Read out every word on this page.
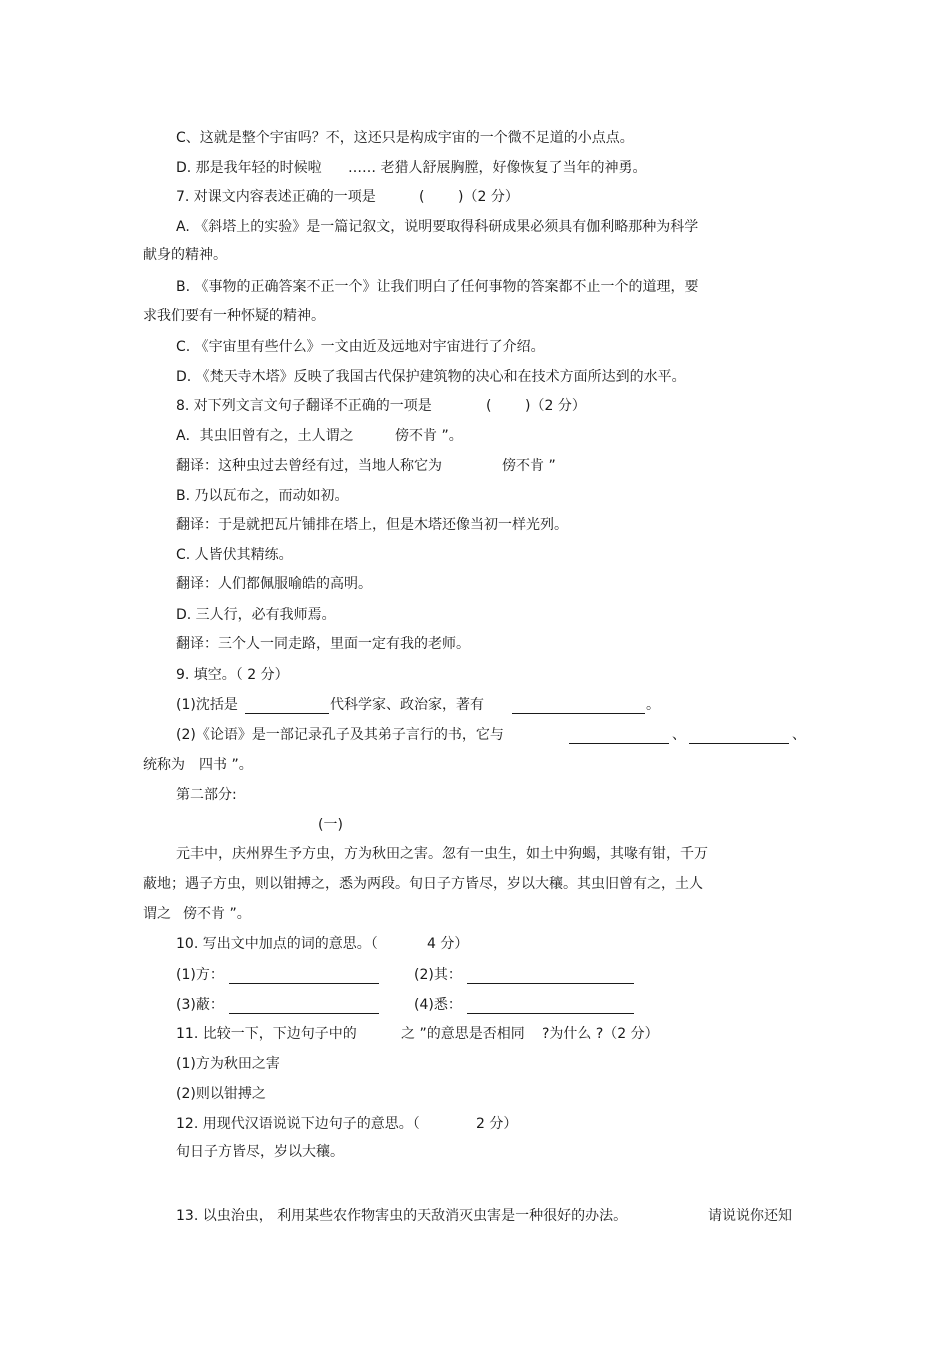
C、这就是整个宇宙吗？不，这还只是构成宇宙的一个微不足道的小点点。
D. 那是我年轻的时候啦 …… 老猎人舒展胸膛，好像恢复了当年的神勇。
7. 对课文内容表述正确的一项是	( )（2 分）
A. 《斜塔上的实验》是一篇记叙文，说明要取得科研成果必须具有伽利略那种为科学
献身的精神。
B. 《事物的正确答案不正一个》让我们明白了任何事物的答案都不止一个的道理，要
求我们要有一种怀疑的精神。
C. 《宇宙里有些什么》一文由近及远地对宇宙进行了介绍。
D. 《梵天寺木塔》反映了我国古代保护建筑物的决心和在技术方面所达到的水平。
8. 对下列文言文句子翻译不正确的一项是	( )（2 分）
A．其虫旧曾有之，土人谓之	傍不肯 ”。
翻译：这种虫过去曾经有过，当地人称它为	傍不肯 ”
B. 乃以瓦布之，而动如初。
翻译：于是就把瓦片铺排在塔上，但是木塔还像当初一样光列。
C. 人皆伏其精练。
翻译：人们都佩服喻皓的高明。
D. 三人行，必有我师焉。
翻译：三个人一同走路，里面一定有我的老师。
9. 填空。（ 2 分）
(1)沈括是	代科学家、政治家，著有	。
(2)《论语》是一部记录孔子及其弟子言行的书，它与	、	、
统称为 四书 ”。
第二部分:
(一)
元丰中，庆州界生予方虫，方为秋田之害。忽有一虫生，如土中狗蝎，其喙有钳，千万
蔽地；遇子方虫，则以钳搏之，悉为两段。旬日子方皆尽，岁以大穰。其虫旧曾有之，土人
谓之 傍不肯 ”。
10. 写出文中加点的词的意思。（	4 分）
(1)方：	(2)其：
(3)蔽：	(4)悉：
11. 比较一下，下边句子中的	之 ”的意思是否相同 ?为什么 ?（2 分）
(1)方为秋田之害
(2)则以钳搏之
12. 用现代汉语说说下边句子的意思。（	2 分）
旬日子方皆尽，岁以大穰。
13. 以虫治虫， 利用某些农作物害虫的天敌消灭虫害是一种很好的办法。	请说说你还知
